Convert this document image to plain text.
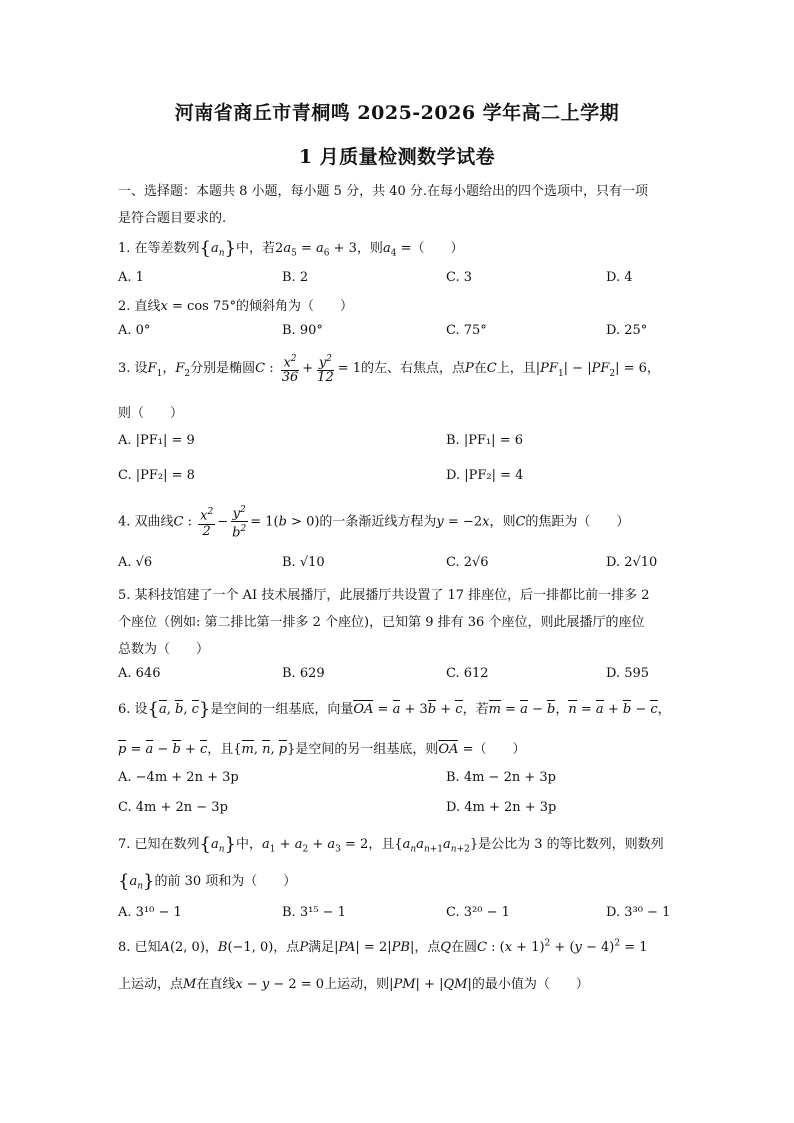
河南省商丘市青桐鸣 2025-2026 学年高二上学期
1 月质量检测数学试卷
一、选择题：本题共 8 小题，每小题 5 分，共 40 分.在每小题给出的四个选项中，只有一项
是符合题目要求的.
1. 在等差数列$\{a_n\}$中，若$2a_5 = a_6 + 3$，则$a_4$ =（　　）
A. 1	B. 2	C. 3	D. 4
2. 直线x = cos 75°的倾斜角为（　　）
A. 0°	B. 90°	C. 75°	D. 25°
3. 设$F_1$，$F_2$分别是椭圆C : $\frac{x^2}{36} + \frac{y^2}{12} = 1$的左、右焦点，点P在C上，且$|PF_1| - |PF_2| = 6$，
则（　　）
A. |PF₁| = 9	B. |PF₁| = 6
C. |PF₂| = 8	D. |PF₂| = 4
4. 双曲线C : $\frac{x^2}{2} - \frac{y^2}{b^2} = 1(b > 0)$的一条渐近线方程为y = −2x，则C的焦距为（　　）
A. √6	B. √10	C. 2√6	D. 2√10
5. 某科技馆建了一个 AI 技术展播厅，此展播厅共设置了 17 排座位，后一排都比前一排多 2
个座位（例如: 第二排比第一排多 2 个座位)，已知第 9 排有 36 个座位，则此展播厅的座位
总数为（　　）
A. 646	B. 629	C. 612	D. 595
6. 设{a, b, c}是空间的一组基底，向量OA = a + 3b + c，若m = a − b，n = a + b − c，
p = a − b + c，且{m, n, p}是空间的另一组基底，则OA =（　　）
A. −4m + 2n + 3p	B. 4m − 2n + 3p
C. 4m + 2n − 3p	D. 4m + 2n + 3p
7. 已知在数列$\{a_n\}$中，$a_1 + a_2 + a_3 = 2$，且$\{a_na_{n+1}a_{n+2}\}$是公比为 3 的等比数列，则数列
$\{a_n\}$的前 30 项和为（　　）
A. 3¹⁰ − 1	B. 3¹⁵ − 1	C. 3²⁰ − 1	D. 3³⁰ − 1
8. 已知A(2, 0)，B(−1, 0)，点P满足|PA| = 2|PB|，点Q在圆C : $(x + 1)^2 + (y - 4)^2 = 1$
上运动，点M在直线x − y − 2 = 0上运动，则|PM| + |QM|的最小值为（　　）
